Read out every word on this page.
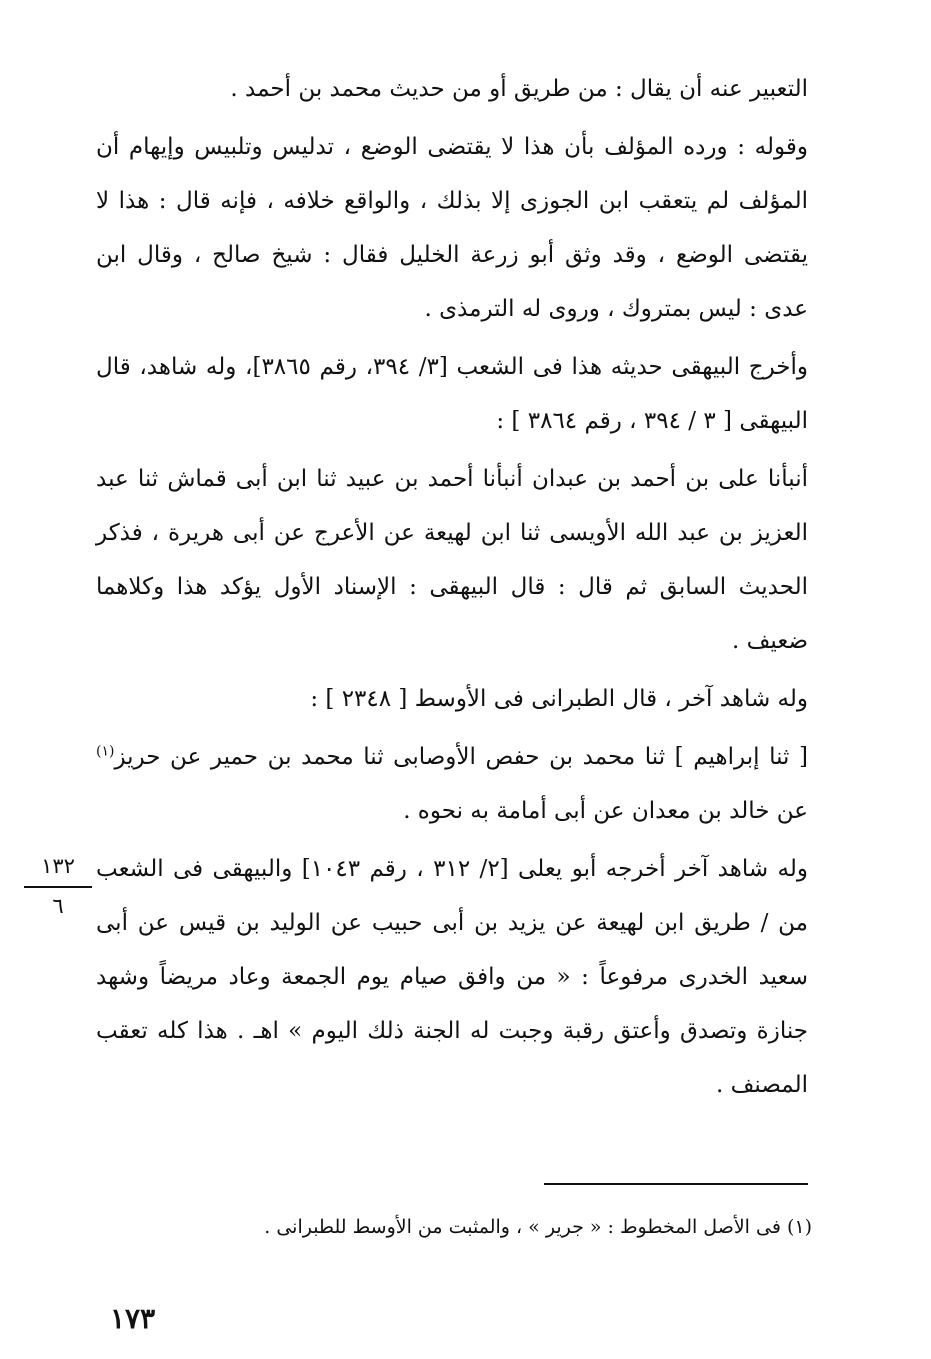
التعبير عنه أن يقال : من طريق أو من حديث محمد بن أحمد .

وقوله : ورده المؤلف بأن هذا لا يقتضى الوضع ، تدليس وتلبيس وإيهام أن المؤلف لم يتعقب ابن الجوزى إلا بذلك ، والواقع خلافه ، فإنه قال : هذا لا يقتضى الوضع ، وقد وثق أبو زرعة الخليل فقال : شيخ صالح ، وقال ابن عدى : ليس بمتروك ، وروى له الترمذى .

وأخرج البيهقى حديثه هذا فى الشعب [٣/ ٣٩٤، رقم ٣٨٦٥]، وله شاهد، قال البيهقى [ ٣ / ٣٩٤ ، رقم ٣٨٦٤ ] :

أنبأنا على بن أحمد بن عبدان أنبأنا أحمد بن عبيد ثنا ابن أبى قماش ثنا عبد العزيز بن عبد الله الأويسى ثنا ابن لهيعة عن الأعرج عن أبى هريرة ، فذكر الحديث السابق ثم قال : قال البيهقى : الإسناد الأول يؤكد هذا وكلاهما ضعيف .

وله شاهد آخر ، قال الطبرانى فى الأوسط [ ٢٣٤٨ ] :

[ ثنا إبراهيم ] ثنا محمد بن حفص الأوصابى ثنا محمد بن حمير عن حريز$^{(١)}$ عن خالد بن معدان عن أبى أمامة به نحوه .

وله شاهد آخر أخرجه أبو يعلى [٢/ ٣١٢ ، رقم ١٠٤٣] والبيهقى فى الشعب من / طريق ابن لهيعة عن يزيد بن أبى حبيب عن الوليد بن قيس عن أبى سعيد الخدرى مرفوعاً : « من وافق صيام يوم الجمعة وعاد مريضاً وشهد جنازة وتصدق وأعتق رقبة وجبت له الجنة ذلك اليوم » اهـ . هذا كله تعقب المصنف .

١٣٢
٦
(١) فى الأصل المخطوط : « جرير » ، والمثبت من الأوسط للطبرانى .
١٧٣
